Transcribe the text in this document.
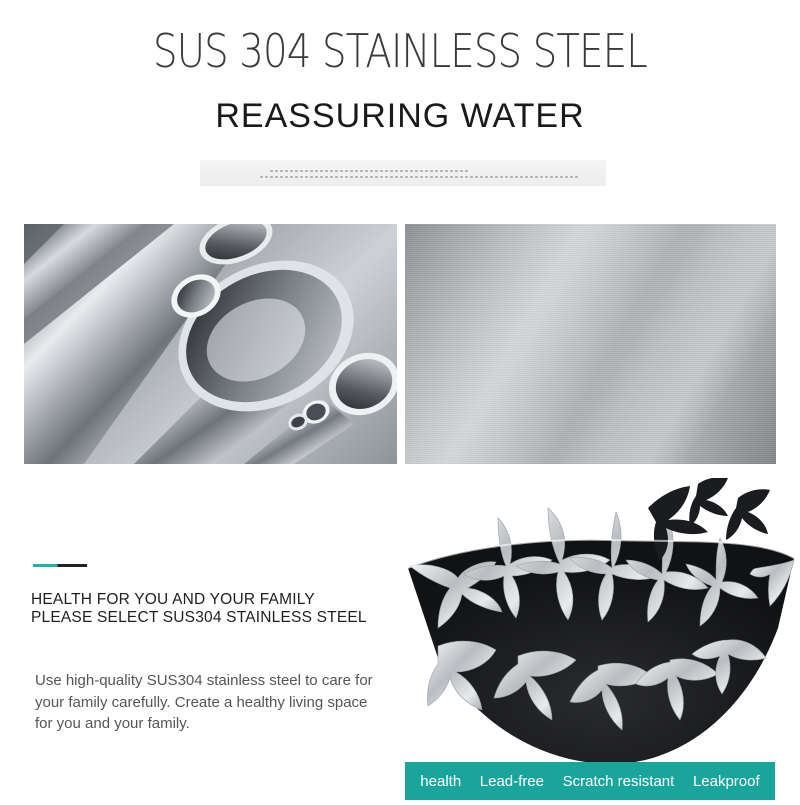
SUS 304 STAINLESS STEEL
REASSURING WATER
HEALTH FOR YOU AND YOUR FAMILY
PLEASE SELECT SUS304 STAINLESS STEEL
Use high-quality SUS304 stainless steel to care for your family carefully. Create a healthy living space for you and your family.
health Lead-free Scratch resistant Leakproof
